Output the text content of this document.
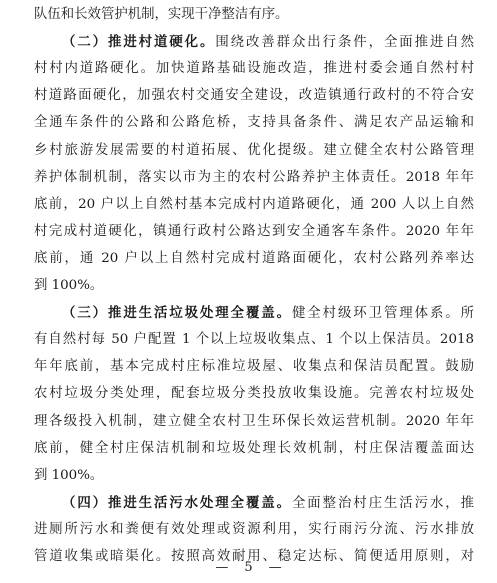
队伍和长效管护机制，实现干净整洁有序。
（二）推进村道硬化。围绕改善群众出行条件，全面推进自然
村村内道路硬化。加快道路基础设施改造，推进村委会通自然村村
村道路面硬化，加强农村交通安全建设，改造镇通行政村的不符合安
全通车条件的公路和公路危桥，支持具备条件、满足农产品运输和
乡村旅游发展需要的村道拓展、优化提级。建立健全农村公路管理
养护体制机制，落实以市为主的农村公路养护主体责任。2018 年年
底前，20 户以上自然村基本完成村内道路硬化，通 200 人以上自然
村完成村道硬化，镇通行政村公路达到安全通客车条件。2020 年年
底前，通 20 户以上自然村完成村道路面硬化，农村公路列养率达
到 100%。
（三）推进生活垃圾处理全覆盖。健全村级环卫管理体系。所
有自然村每 50 户配置 1 个以上垃圾收集点、1 个以上保洁员。2018
年年底前，基本完成村庄标准垃圾屋、收集点和保洁员配置。鼓励
农村垃圾分类处理，配套垃圾分类投放收集设施。完善农村垃圾处
理各级投入机制，建立健全农村卫生环保长效运营机制。2020 年年
底前，健全村庄保洁机制和垃圾处理长效机制，村庄保洁覆盖面达
到 100%。
（四）推进生活污水处理全覆盖。全面整治村庄生活污水，推
进厕所污水和粪便有效处理或资源利用，实行雨污分流、污水排放
管道收集或暗渠化。按照高效耐用、稳定达标、简便适用原则，对
— 5 —
